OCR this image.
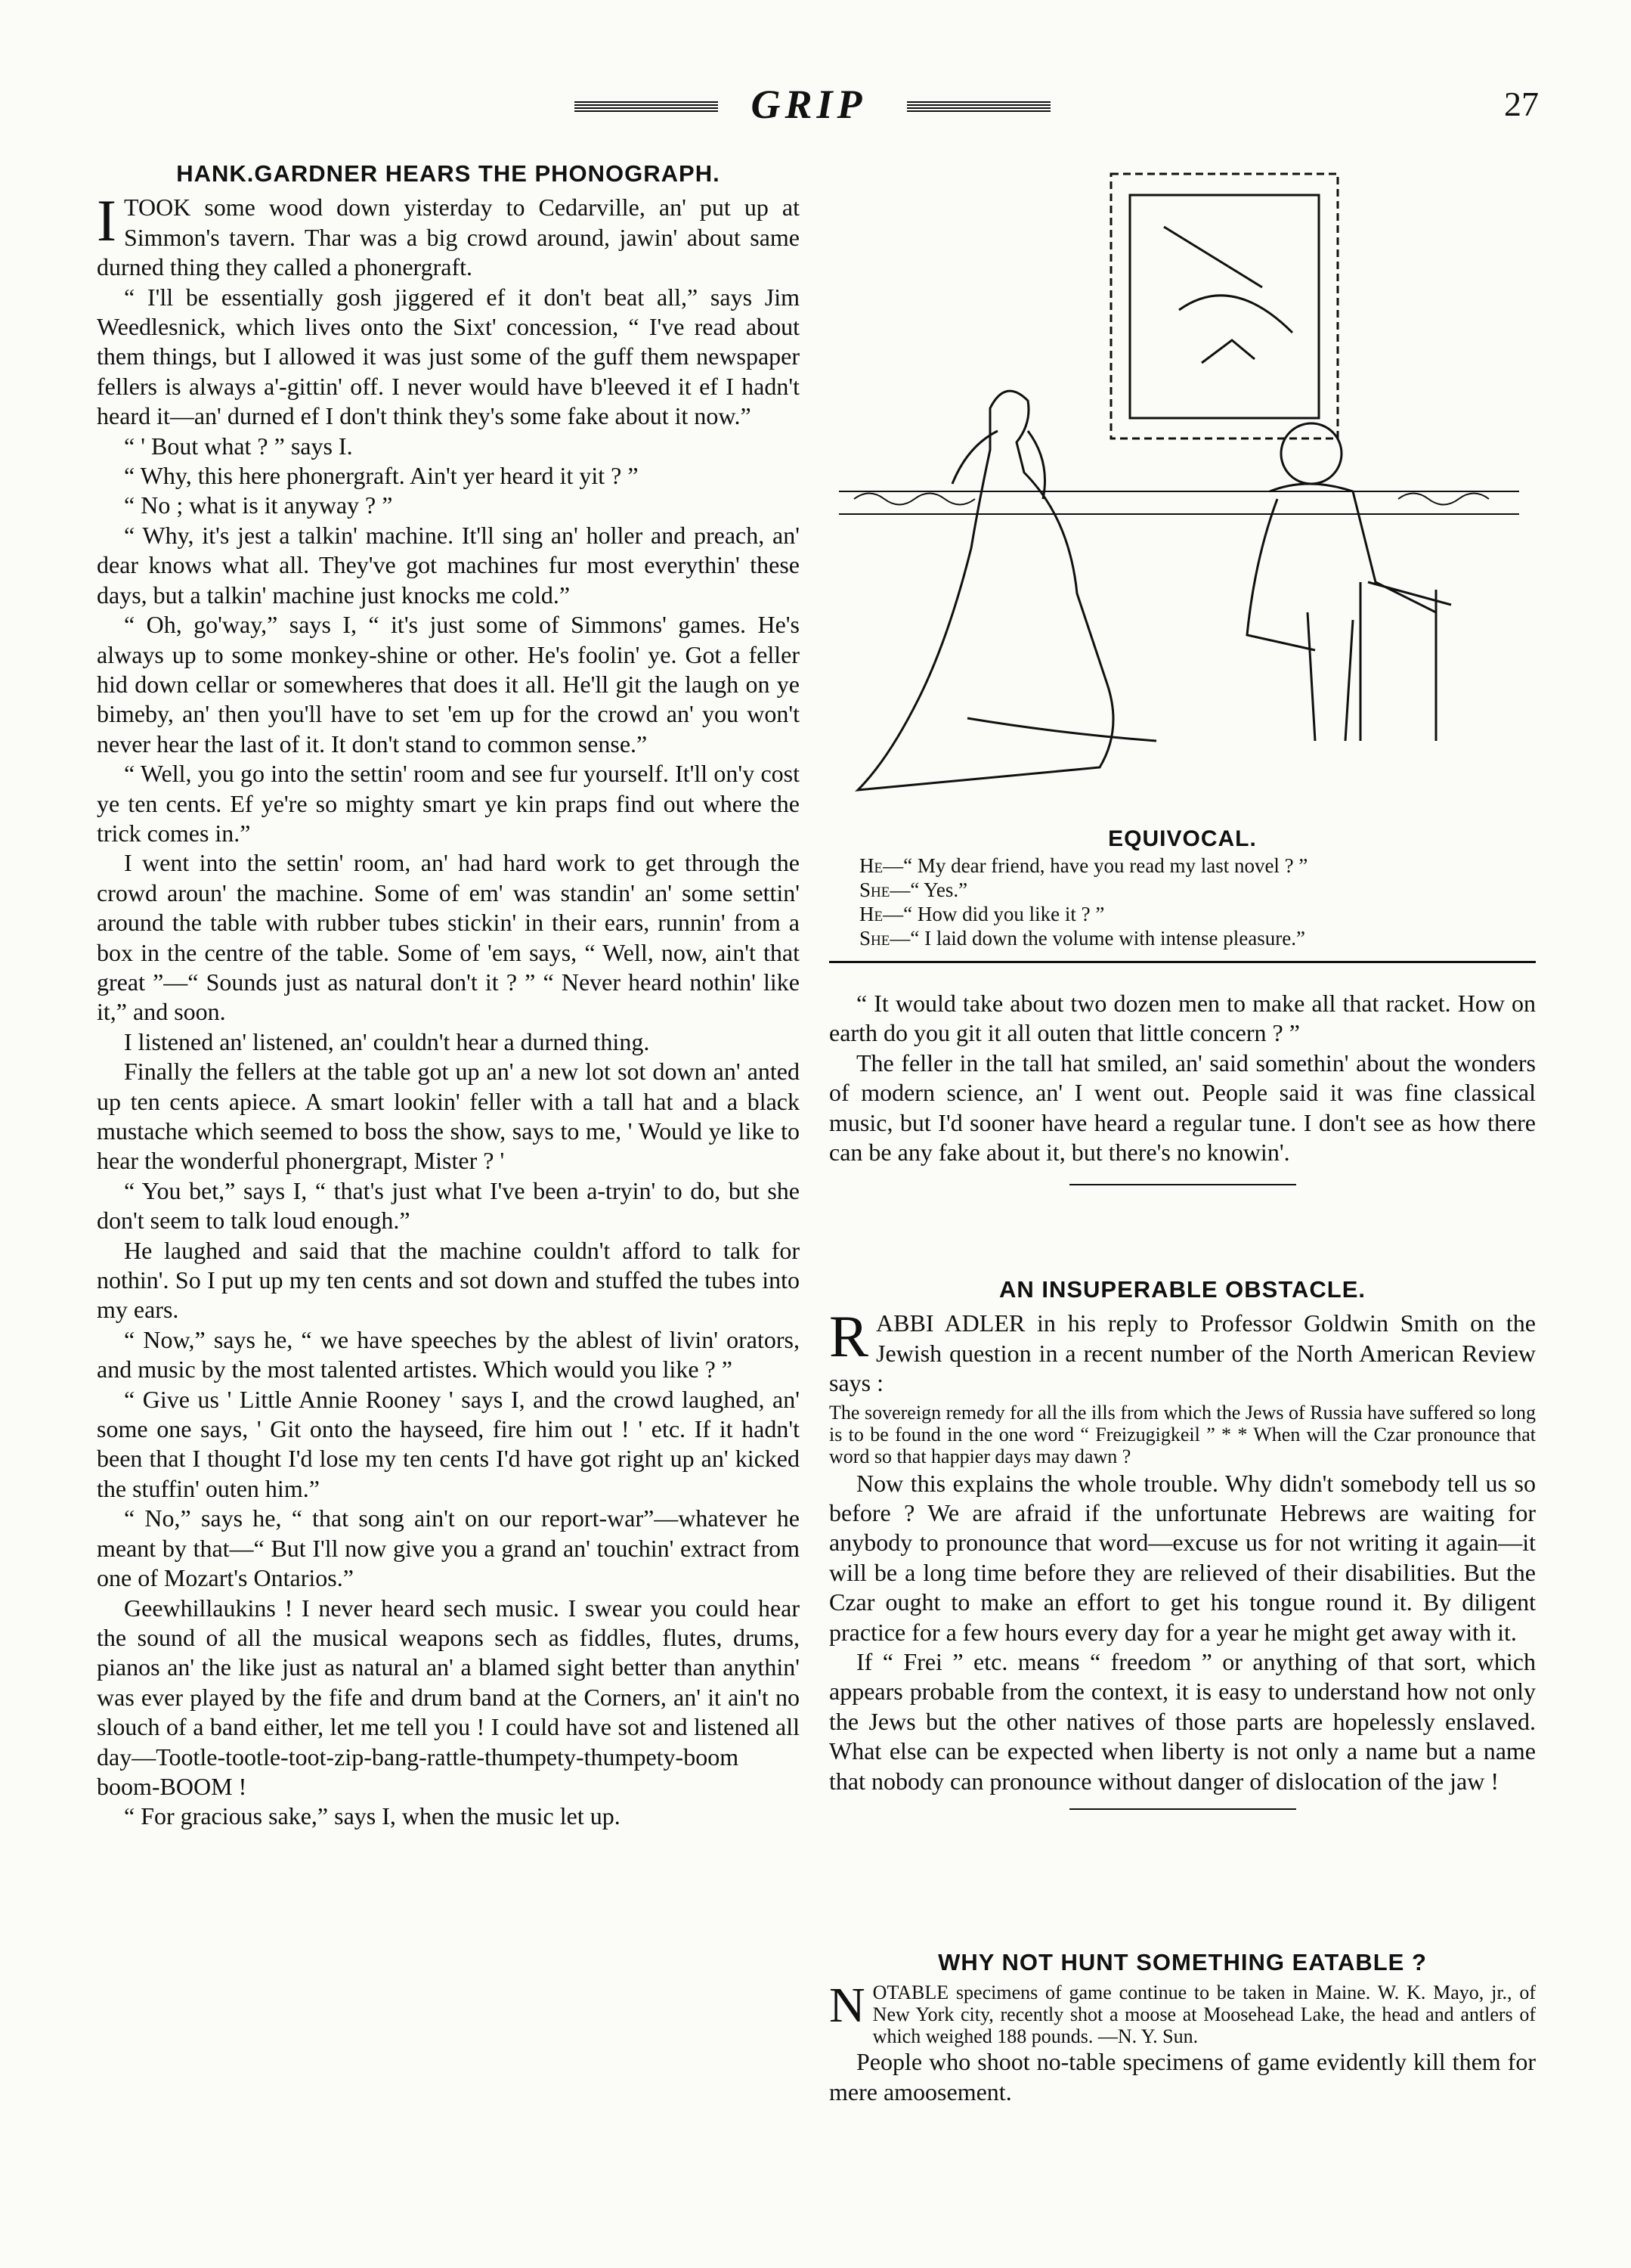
GRIP	27
HANK.GARDNER HEARS THE PHONOGRAPH.

ITOOK some wood down yisterday to Cedarville, an' put up at Simmon's tavern. Thar was a big crowd around, jawin' about same durned thing they called a phonergraft.

“ I'll be essentially gosh jiggered ef it don't beat all,” says Jim Weedlesnick, which lives onto the Sixt' concession, “ I've read about them things, but I allowed it was just some of the guff them newspaper fellers is always a'-gittin' off. I never would have b'leeved it ef I hadn't heard it—an' durned ef I don't think they's some fake about it now.”

“ ' Bout what ? ” says I.

“ Why, this here phonergraft. Ain't yer heard it yit ? ”

“ No ; what is it anyway ? ”

“ Why, it's jest a talkin' machine. It'll sing an' holler and preach, an' dear knows what all. They've got machines fur most everythin' these days, but a talkin' machine just knocks me cold.”

“ Oh, go'way,” says I, “ it's just some of Simmons' games. He's always up to some monkey-shine or other. He's foolin' ye. Got a feller hid down cellar or somewheres that does it all. He'll git the laugh on ye bimeby, an' then you'll have to set 'em up for the crowd an' you won't never hear the last of it. It don't stand to common sense.”

“ Well, you go into the settin' room and see fur yourself. It'll on'y cost ye ten cents. Ef ye're so mighty smart ye kin praps find out where the trick comes in.”

I went into the settin' room, an' had hard work to get through the crowd aroun' the machine. Some of em' was standin' an' some settin' around the table with rubber tubes stickin' in their ears, runnin' from a box in the centre of the table. Some of 'em says, “ Well, now, ain't that great ”—“ Sounds just as natural don't it ? ” “ Never heard nothin' like it,” and soon.

I listened an' listened, an' couldn't hear a durned thing.

Finally the fellers at the table got up an' a new lot sot down an' anted up ten cents apiece. A smart lookin' feller with a tall hat and a black mustache which seemed to boss the show, says to me, ' Would ye like to hear the wonderful phonergrapt, Mister ? '

“ You bet,” says I, “ that's just what I've been a-tryin' to do, but she don't seem to talk loud enough.”

He laughed and said that the machine couldn't afford to talk for nothin'. So I put up my ten cents and sot down and stuffed the tubes into my ears.

“ Now,” says he, “ we have speeches by the ablest of livin' orators, and music by the most talented artistes. Which would you like ? ”

“ Give us ' Little Annie Rooney ' says I, and the crowd laughed, an' some one says, ' Git onto the hayseed, fire him out ! ' etc. If it hadn't been that I thought I'd lose my ten cents I'd have got right up an' kicked the stuffin' outen him.”

“ No,” says he, “ that song ain't on our report-war”—whatever he meant by that—“ But I'll now give you a grand an' touchin' extract from one of Mozart's Ontarios.”

Geewhillaukins ! I never heard sech music. I swear you could hear the sound of all the musical weapons sech as fiddles, flutes, drums, pianos an' the like just as natural an' a blamed sight better than anythin' was ever played by the fife and drum band at the Corners, an' it ain't no slouch of a band either, let me tell you ! I could have sot and listened all day—Tootle-tootle-toot-zip-bang-rattle-thumpety-thumpety-boom boom-BOOM !

“ For gracious sake,” says I, when the music let up.

EQUIVOCAL.
He—“ My dear friend, have you read my last novel ? ”
She—“ Yes.”
He—“ How did you like it ? ”
She—“ I laid down the volume with intense pleasure.”

“ It would take about two dozen men to make all that racket. How on earth do you git it all outen that little concern ? ”

The feller in the tall hat smiled, an' said somethin' about the wonders of modern science, an' I went out. People said it was fine classical music, but I'd sooner have heard a regular tune. I don't see as how there can be any fake about it, but there's no knowin'.

AN INSUPERABLE OBSTACLE.

RABBI ADLER in his reply to Professor Goldwin Smith on the Jewish question in a recent number of the North American Review says :

The sovereign remedy for all the ills from which the Jews of Russia have suffered so long is to be found in the one word “ Freizugigkeil ” * * When will the Czar pronounce that word so that happier days may dawn ?

Now this explains the whole trouble. Why didn't somebody tell us so before ? We are afraid if the unfortunate Hebrews are waiting for anybody to pronounce that word—excuse us for not writing it again—it will be a long time before they are relieved of their disabilities. But the Czar ought to make an effort to get his tongue round it. By diligent practice for a few hours every day for a year he might get away with it.

If “ Frei ” etc. means “ freedom ” or anything of that sort, which appears probable from the context, it is easy to understand how not only the Jews but the other natives of those parts are hopelessly enslaved. What else can be expected when liberty is not only a name but a name that nobody can pronounce without danger of dislocation of the jaw !

WHY NOT HUNT SOMETHING EATABLE ?

NOTABLE specimens of game continue to be taken in Maine. W. K. Mayo, jr., of New York city, recently shot a moose at Moosehead Lake, the head and antlers of which weighed 188 pounds. —N. Y. Sun.

People who shoot no-table specimens of game evidently kill them for mere amoosement.
